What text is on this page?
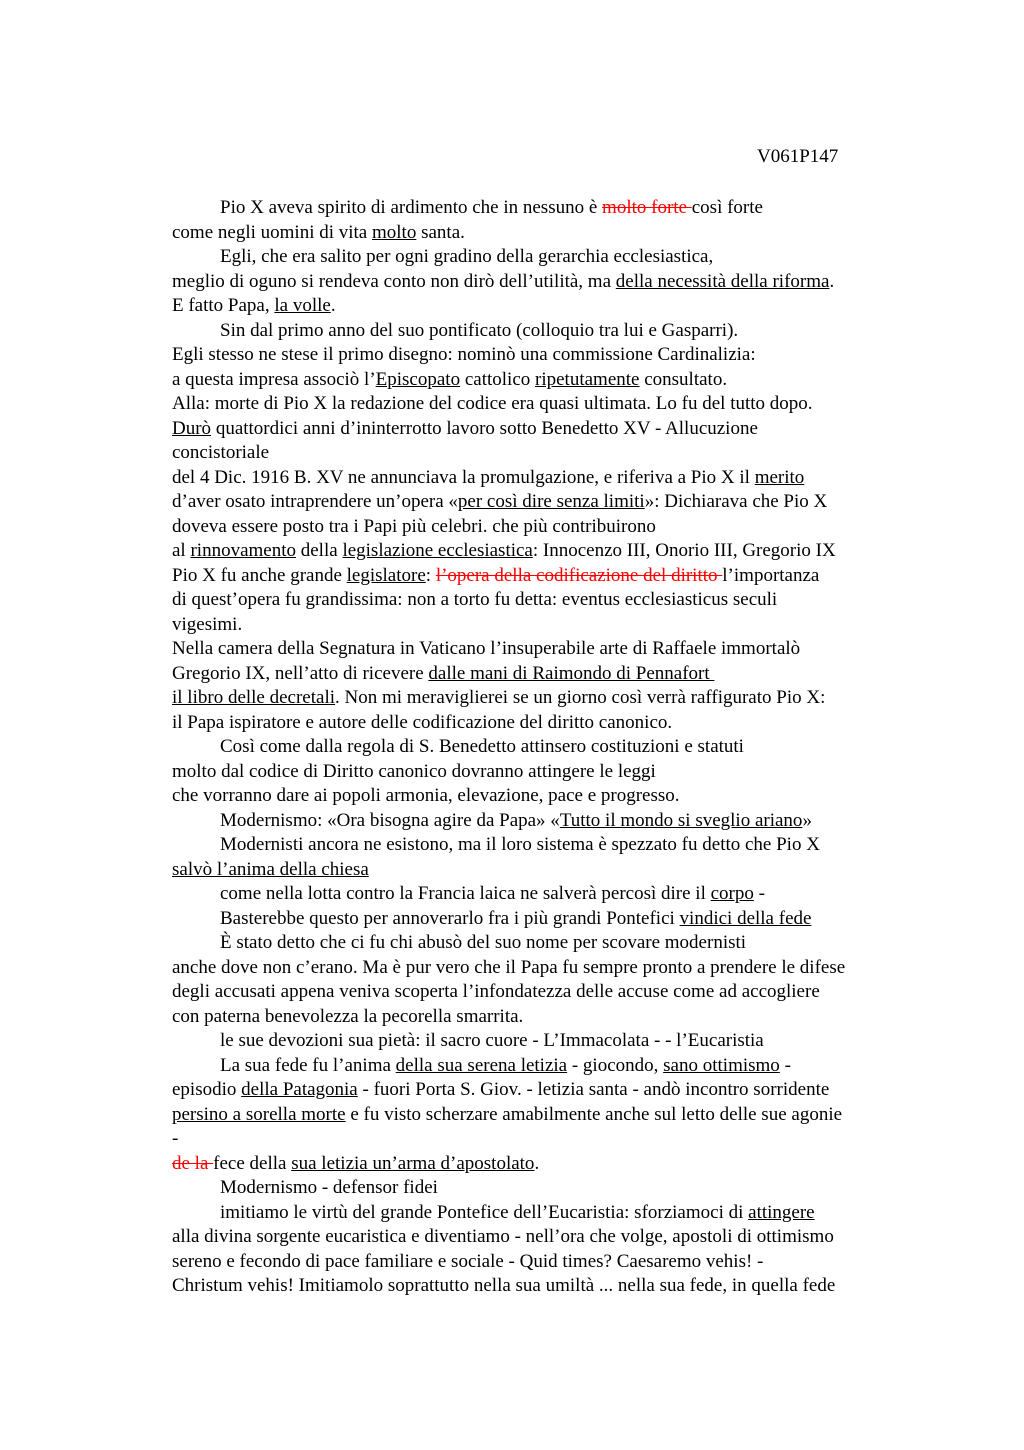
V061P147
Pio X aveva spirito di ardimento che in nessuno è molto forte così forte
come negli uomini di vita molto santa.
Egli, che era salito per ogni gradino della gerarchia ecclesiastica,
meglio di oguno si rendeva conto non dirò dell’utilità, ma della necessità della riforma.
E fatto Papa, la volle.
Sin dal primo anno del suo pontificato (colloquio tra lui e Gasparri).
Egli stesso ne stese il primo disegno: nominò una commissione Cardinalizia:
a questa impresa associò l’Episcopato cattolico ripetutamente consultato.
Alla: morte di Pio X la redazione del codice era quasi ultimata. Lo fu del tutto dopo.
Durò quattordici anni d’ininterrotto lavoro sotto Benedetto XV - Allucuzione
concistoriale
del 4 Dic. 1916 B. XV ne annunciava la promulgazione, e riferiva a Pio X il merito
d’aver osato intraprendere un’opera «per così dire senza limiti»: Dichiarava che Pio X
doveva essere posto tra i Papi più celebri. che più contribuirono
al rinnovamento della legislazione ecclesiastica: Innocenzo III, Onorio III, Gregorio IX
Pio X fu anche grande legislatore: l’opera della codificazione del diritto l’importanza
di quest’opera fu grandissima: non a torto fu detta: eventus ecclesiasticus seculi
vigesimi.
Nella camera della Segnatura in Vaticano l’insuperabile arte di Raffaele immortalò
Gregorio IX, nell’atto di ricevere dalle mani di Raimondo di Pennafort
il libro delle decretali. Non mi meraviglierei se un giorno così verrà raffigurato Pio X:
il Papa ispiratore e autore delle codificazione del diritto canonico.
Così come dalla regola di S. Benedetto attinsero costituzioni e statuti
molto dal codice di Diritto canonico dovranno attingere le leggi
che vorranno dare ai popoli armonia, elevazione, pace e progresso.
Modernismo: «Ora bisogna agire da Papa» «Tutto il mondo si sveglio ariano»
Modernisti ancora ne esistono, ma il loro sistema è spezzato fu detto che Pio X
salvò l’anima della chiesa
come nella lotta contro la Francia laica ne salverà percosì dire il corpo -
Basterebbe questo per annoverarlo fra i più grandi Pontefici vindici della fede
È stato detto che ci fu chi abusò del suo nome per scovare modernisti
anche dove non c’erano. Ma è pur vero che il Papa fu sempre pronto a prendere le difese
degli accusati appena veniva scoperta l’infondatezza delle accuse come ad accogliere
con paterna benevolezza la pecorella smarrita.
le sue devozioni sua pietà: il sacro cuore - L’Immacolata - - l’Eucaristia
La sua fede fu l’anima della sua serena letizia - giocondo, sano ottimismo -
episodio della Patagonia - fuori Porta S. Giov. - letizia santa - andò incontro sorridente
persino a sorella morte e fu visto scherzare amabilmente anche sul letto delle sue agonie
-
de la fece della sua letizia un’arma d’apostolato.
Modernismo - defensor fidei
imitiamo le virtù del grande Pontefice dell’Eucaristia: sforziamoci di attingere
alla divina sorgente eucaristica e diventiamo - nell’ora che volge, apostoli di ottimismo
sereno e fecondo di pace familiare e sociale - Quid times? Caesaremo vehis! -
Christum vehis! Imitiamolo soprattutto nella sua umiltà ... nella sua fede, in quella fede
